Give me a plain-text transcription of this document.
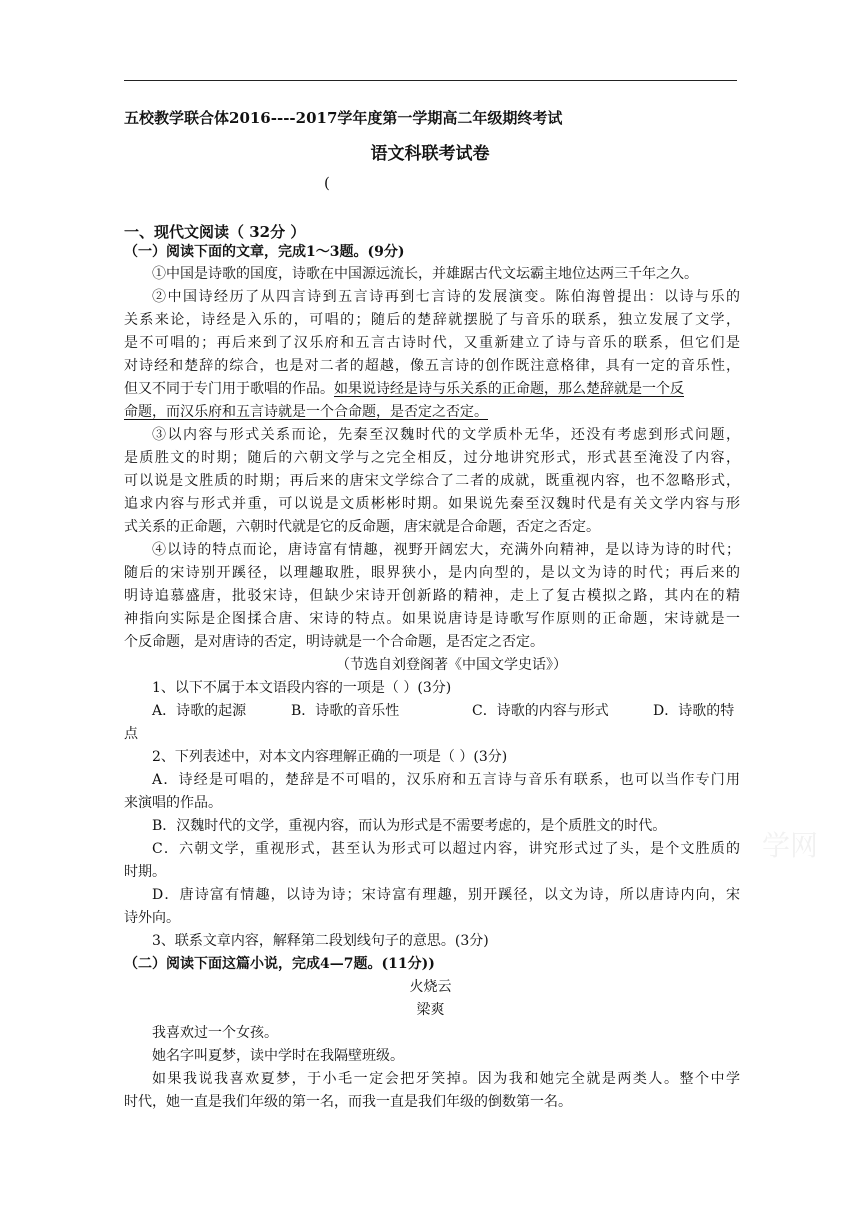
五校教学联合体2016----2017学年度第一学期高二年级期终考试
语文科联考试卷
(
一、现代文阅读（ 32分 ）
（一）阅读下面的文章，完成1～3题。(9分)
①中国是诗歌的国度，诗歌在中国源远流长，并雄踞古代文坛霸主地位达两三千年之久。
②中国诗经历了从四言诗到五言诗再到七言诗的发展演变。陈伯海曾提出：以诗与乐的
关系来论，诗经是入乐的，可唱的；随后的楚辞就摆脱了与音乐的联系，独立发展了文学，
是不可唱的；再后来到了汉乐府和五言古诗时代，又重新建立了诗与音乐的联系，但它们是
对诗经和楚辞的综合，也是对二者的超越，像五言诗的创作既注意格律，具有一定的音乐性，
但又不同于专门用于歌唱的作品。如果说诗经是诗与乐关系的正命题，那么楚辞就是一个反
命题，而汉乐府和五言诗就是一个合命题，是否定之否定。
③以内容与形式关系而论，先秦至汉魏时代的文学质朴无华，还没有考虑到形式问题，
是质胜文的时期；随后的六朝文学与之完全相反，过分地讲究形式，形式甚至淹没了内容，
可以说是文胜质的时期；再后来的唐宋文学综合了二者的成就，既重视内容，也不忽略形式，
追求内容与形式并重，可以说是文质彬彬时期。如果说先秦至汉魏时代是有关文学内容与形
式关系的正命题，六朝时代就是它的反命题，唐宋就是合命题，否定之否定。
④以诗的特点而论，唐诗富有情趣，视野开阔宏大，充满外向精神，是以诗为诗的时代；
随后的宋诗别开蹊径，以理趣取胜，眼界狭小，是内向型的，是以文为诗的时代；再后来的
明诗追慕盛唐，批驳宋诗，但缺少宋诗开创新路的精神，走上了复古模拟之路，其内在的精
神指向实际是企图揉合唐、宋诗的特点。如果说唐诗是诗歌写作原则的正命题，宋诗就是一
个反命题，是对唐诗的否定，明诗就是一个合命题，是否定之否定。
（节选自刘登阁著《中国文学史话》）
1、以下不属于本文语段内容的一项是（ ）(3分)
A．诗歌的起源	B．诗歌的音乐性	C．诗歌的内容与形式	D．诗歌的特
点
2、下列表述中，对本文内容理解正确的一项是（ ）(3分)
A．诗经是可唱的，楚辞是不可唱的，汉乐府和五言诗与音乐有联系，也可以当作专门用
来演唱的作品。
B．汉魏时代的文学，重视内容，而认为形式是不需要考虑的，是个质胜文的时代。
C．六朝文学，重视形式，甚至认为形式可以超过内容，讲究形式过了头，是个文胜质的
时期。
D．唐诗富有情趣，以诗为诗；宋诗富有理趣，别开蹊径，以文为诗，所以唐诗内向，宋
诗外向。
3、联系文章内容，解释第二段划线句子的意思。(3分)
（二）阅读下面这篇小说，完成4—7题。(11分))
火烧云
梁爽
我喜欢过一个女孩。
她名字叫夏梦，读中学时在我隔壁班级。
如果我说我喜欢夏梦，于小毛一定会把牙笑掉。因为我和她完全就是两类人。整个中学
时代，她一直是我们年级的第一名，而我一直是我们年级的倒数第一名。
学网
